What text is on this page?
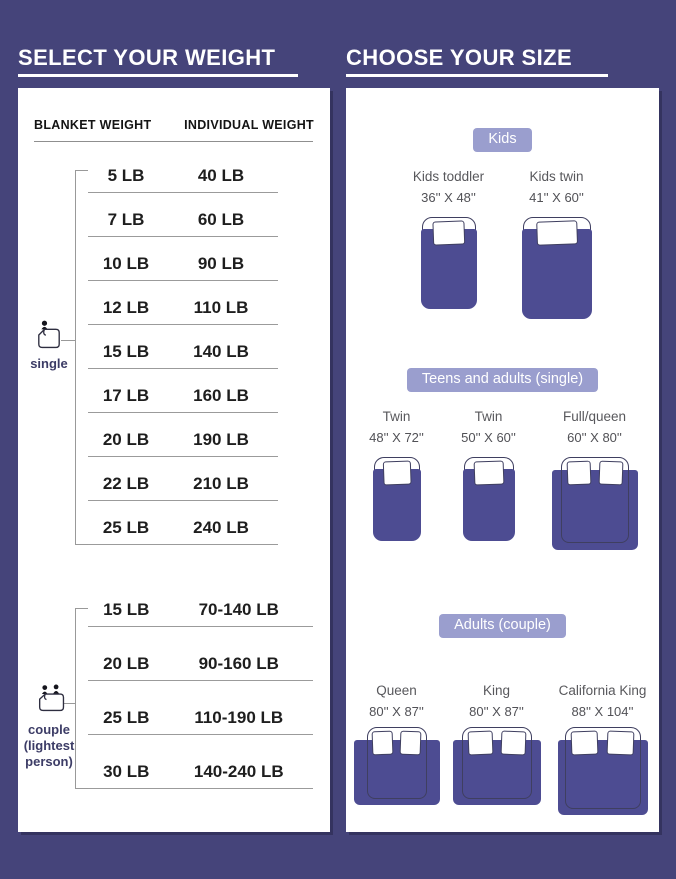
SELECT YOUR WEIGHT	CHOOSE YOUR SIZE
BLANKET WEIGHT	INDIVIDUAL WEIGHT
5 LB	40 LB
7 LB	60 LB
10 LB	90 LB
12 LB	110 LB
15 LB	140 LB
17 LB	160 LB
20 LB	190 LB
22 LB	210 LB
25 LB	240 LB
single
15 LB	70-140 LB
20 LB	90-160 LB
25 LB	110-190 LB
30 LB	140-240 LB
couple
(lightest
person)
Kids
Kids toddler
36'' X 48''
Kids twin
41'' X 60''
Teens and adults (single)
Twin
48'' X 72''
Twin
50'' X 60''
Full/queen
60'' X 80''
Adults (couple)
Queen
80'' X 87''
King
80'' X 87''
California King
88'' X 104''
